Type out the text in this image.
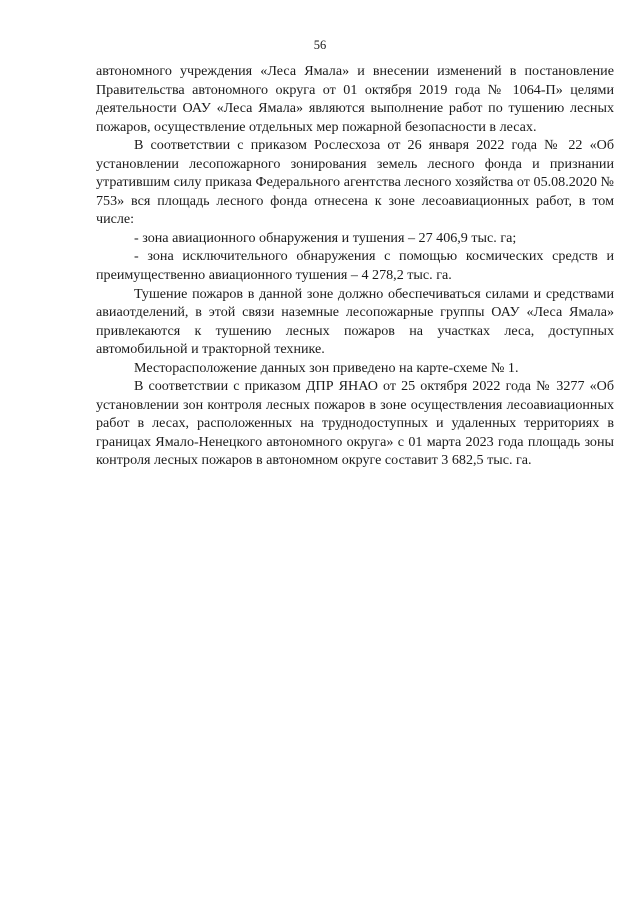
56

автономного учреждения «Леса Ямала» и внесении изменений в постановление Правительства автономного округа от 01 октября 2019 года № 1064-П» целями деятельности ОАУ «Леса Ямала» являются выполнение работ по тушению лесных пожаров, осуществление отдельных мер пожарной безопасности в лесах.

В соответствии с приказом Рослесхоза от 26 января 2022 года № 22 «Об установлении лесопожарного зонирования земель лесного фонда и признании утратившим силу приказа Федерального агентства лесного хозяйства от 05.08.2020 № 753» вся площадь лесного фонда отнесена к зоне лесоавиационных работ, в том числе:

- зона авиационного обнаружения и тушения – 27 406,9 тыс. га;

- зона исключительного обнаружения с помощью космических средств и преимущественно авиационного тушения – 4 278,2 тыс. га.

Тушение пожаров в данной зоне должно обеспечиваться силами и средствами авиаотделений, в этой связи наземные лесопожарные группы ОАУ «Леса Ямала» привлекаются к тушению лесных пожаров на участках леса, доступных автомобильной и тракторной технике.

Месторасположение данных зон приведено на карте-схеме № 1.

В соответствии с приказом ДПР ЯНАО от 25 октября 2022 года № 3277 «Об установлении зон контроля лесных пожаров в зоне осуществления лесоавиационных работ в лесах, расположенных на труднодоступных и удаленных территориях в границах Ямало-Ненецкого автономного округа» с 01 марта 2023 года площадь зоны контроля лесных пожаров в автономном округе составит 3 682,5 тыс. га.
